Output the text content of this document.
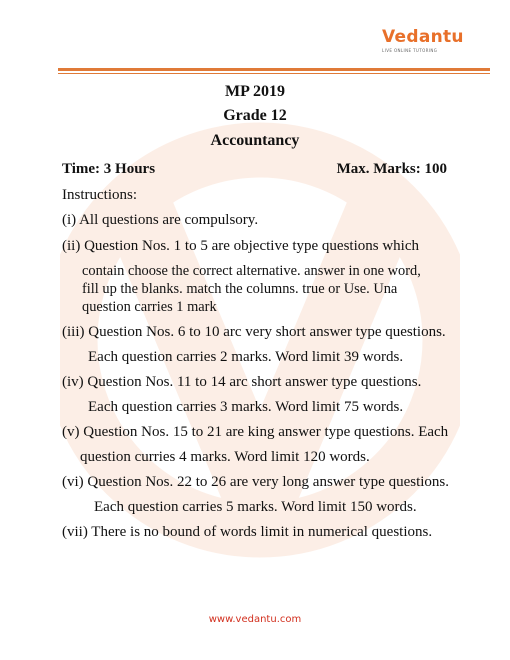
Vedantu
LIVE ONLINE TUTORING
MP 2019
Grade 12
Accountancy
Time: 3 Hours	Max. Marks: 100
Instructions:
(i) All questions are compulsory.
(ii) Question Nos. 1 to 5 are objective type questions which
contain choose the correct alternative. answer in one word,
fill up the blanks. match the columns. true or Use. Una
question carries 1 mark
(iii) Question Nos. 6 to 10 arc very short answer type questions.
Each question carries 2 marks. Word limit 39 words.
(iv) Question Nos. 11 to 14 arc short answer type questions.
Each question carries 3 marks. Word limit 75 words.
(v) Question Nos. 15 to 21 are king answer type questions. Each
question curries 4 marks. Word limit 120 words.
(vi) Question Nos. 22 to 26 are very long answer type questions.
Each question carries 5 marks. Word limit 150 words.
(vii) There is no bound of words limit in numerical questions.
www.vedantu.com
